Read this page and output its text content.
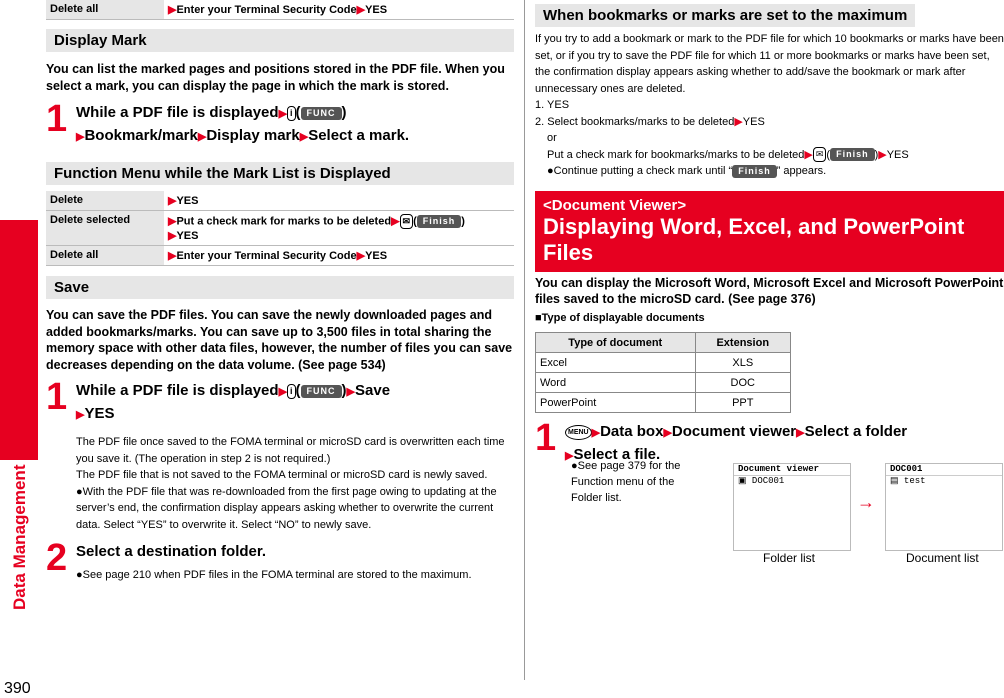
Data Management
390
Delete all	▶Enter your Terminal Security Code▶YES
Display Mark
You can list the marked pages and positions stored in the PDF file. When you select a mark, you can display the page in which the mark is stored.
1 While a PDF file is displayed▶ i ( FUNC )
▶Bookmark/mark▶Display mark▶Select a mark.
Function Menu while the Mark List is Displayed
Delete	▶YES
Delete selected	▶Put a check mark for marks to be deleted▶ ✉ ( Finish )
▶YES
Delete all	▶Enter your Terminal Security Code▶YES
Save
You can save the PDF files. You can save the newly downloaded pages and added bookmarks/marks. You can save up to 3,500 files in total sharing the memory space with other data files, however, the number of files you can save decreases depending on the data volume. (See page 534)
1 While a PDF file is displayed▶ i ( FUNC )▶Save
▶YES
The PDF file once saved to the FOMA terminal or microSD card is overwritten each time you save it. (The operation in step 2 is not required.)
The PDF file that is not saved to the FOMA terminal or microSD card is newly saved.
●With the PDF file that was re-downloaded from the first page owing to updating at the server’s end, the confirmation display appears asking whether to overwrite the current data. Select “YES” to overwrite it. Select “NO” to newly save.
2 Select a destination folder.
●See page 210 when PDF files in the FOMA terminal are stored to the maximum.
When bookmarks or marks are set to the maximum
If you try to add a bookmark or mark to the PDF file for which 10 bookmarks or marks have been set, or if you try to save the PDF file for which 11 or more bookmarks or marks have been set, the confirmation display appears asking whether to add/save the bookmark or mark after unnecessary ones are deleted.
1. YES
2. Select bookmarks/marks to be deleted▶YES
or
Put a check mark for bookmarks/marks to be deleted▶ ✉ ( Finish )▶YES
●Continue putting a check mark until “ Finish ” appears.
<Document Viewer>
Displaying Word, Excel, and PowerPoint Files
You can display the Microsoft Word, Microsoft Excel and Microsoft PowerPoint files saved to the microSD card. (See page 376)
■Type of displayable documents
Type of document	Extension
Excel	XLS
Word	DOC
PowerPoint	PPT
1	MENU ▶Data box▶Document viewer▶Select a folder
▶Select a file.
●See page 379 for the Function menu of the Folder list.
Document viewer
▣ DOC001
→
DOC001
▤ test
Folder list	Document list
